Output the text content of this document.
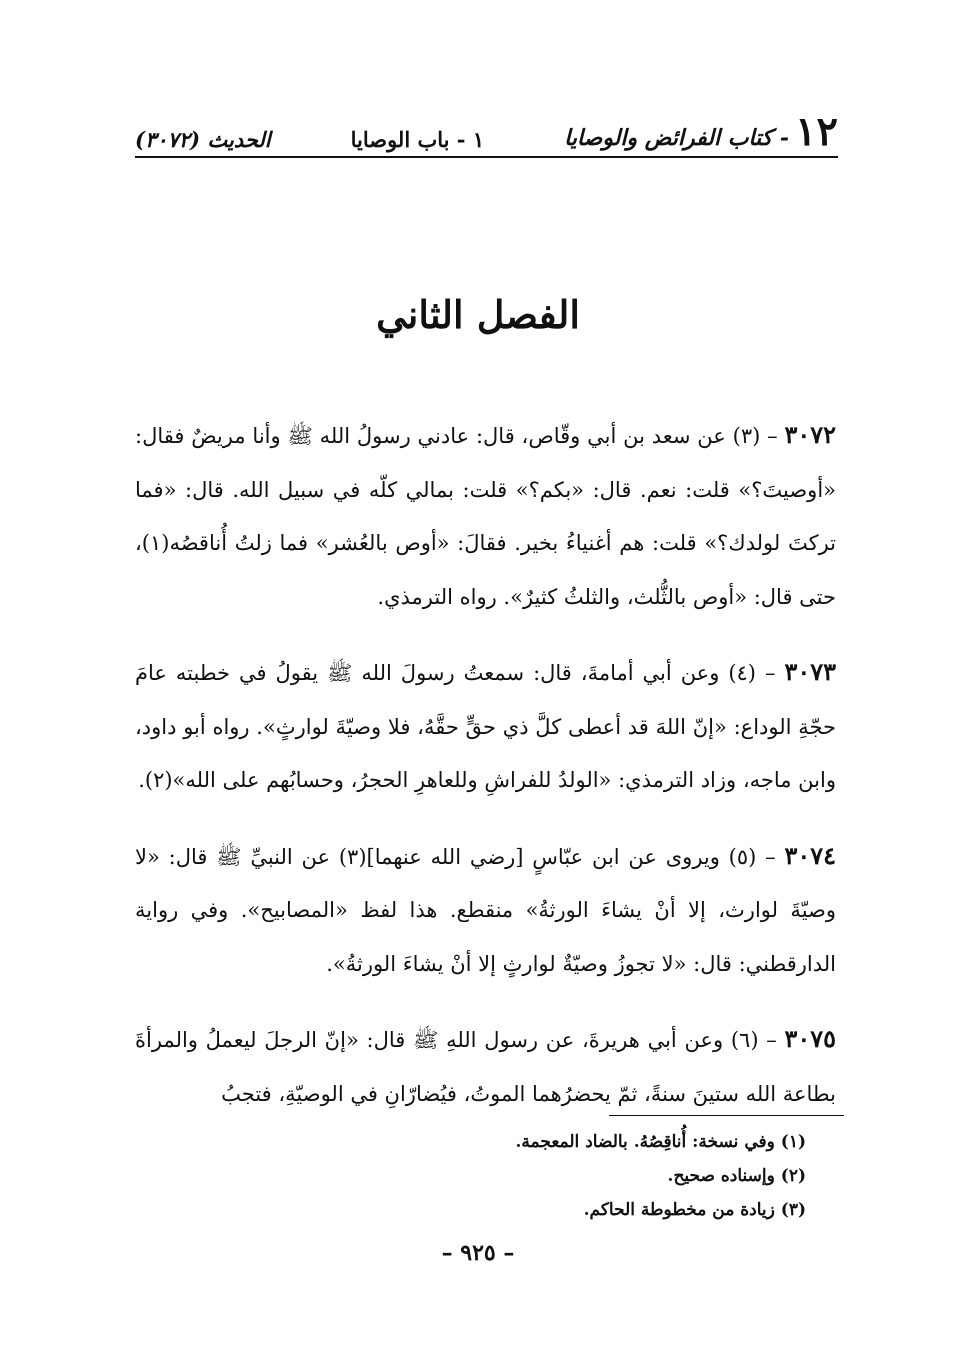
١٢
- كتاب الفرائض والوصايا
١ - باب الوصايا
الحديث (٣٠٧٢)
الفصل الثاني

٣٠٧٢ – (٣) عن سعد بن أبي وقّاص، قال: عادني رسولُ الله ﷺ وأنا مريضٌ فقال: «أوصيتَ؟» قلت: نعم. قال: «بكم؟» قلت: بمالي كلّه في سبيل الله. قال: «فما تركتَ لولدك؟» قلت: هم أغنياءُ بخير. فقالَ: «أوص بالعُشر» فما زلتُ أُناقصُه(١)، حتى قال: «أوص بالثُّلث، والثلثُ كثيرٌ». رواه الترمذي.

٣٠٧٣ – (٤) وعن أبي أمامةَ، قال: سمعتُ رسولَ الله ﷺ يقولُ في خطبته عامَ حجّةِ الوداع: «إنّ اللهَ قد أعطى كلَّ ذي حقٍّ حقَّهُ، فلا وصيّةَ لوارثٍ». رواه أبو داود، وابن ماجه، وزاد الترمذي: «الولدُ للفراشِ وللعاهرِ الحجرُ، وحسابُهم على الله»(٢).

٣٠٧٤ – (٥) ويروى عن ابن عبّاسٍ [رضي الله عنهما](٣) عن النبيِّ ﷺ قال: «لا وصيّةَ لوارث، إلا أنْ يشاءَ الورثةُ» منقطع. هذا لفظ «المصابيح». وفي رواية الدارقطني: قال: «لا تجوزُ وصيّةٌ لوارثٍ إلا أنْ يشاءَ الورثةُ».

٣٠٧٥ – (٦) وعن أبي هريرةَ، عن رسول اللهِ ﷺ قال: «إنّ الرجلَ ليعملُ والمرأةَ بطاعة الله ستينَ سنةً، ثمّ يحضرُهما الموتُ، فيُضارّانِ في الوصيّةِ، فتجبُ

(١) وفي نسخة: أُناقِصُهُ. بالضاد المعجمة.

(٢) وإسناده صحيح.

(٣) زيادة من مخطوطة الحاكم.

– ٩٢٥ –
